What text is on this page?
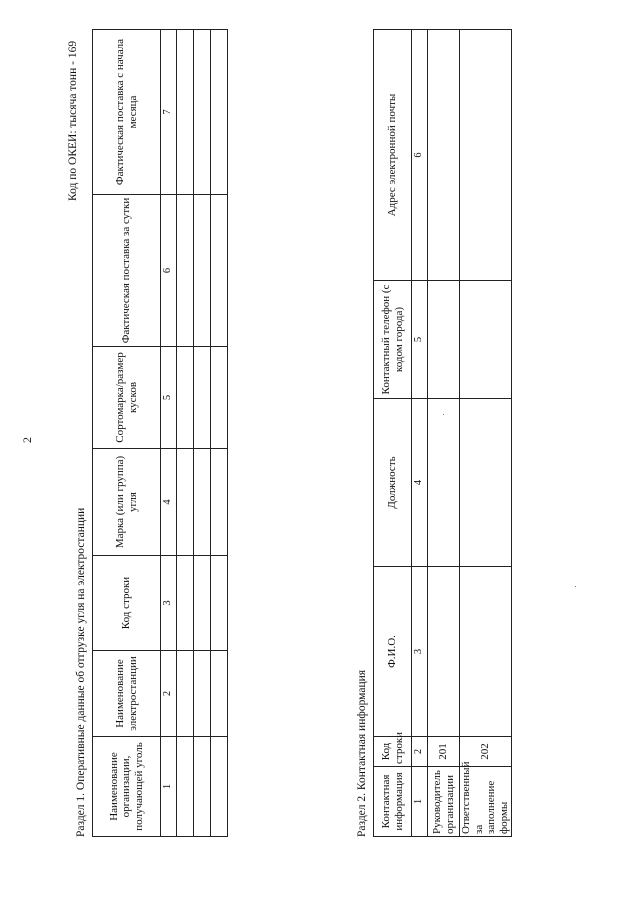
2
Код по ОКЕИ: тысяча тонн - 169
Раздел 1. Оперативные данные об отгрузке угля на электростанции Наименование организации, получающей уголь	Наименование электростанции	Код строки	Марка (или группа) угля	Сортомарка/размер кусков	Фактическая поставка за сутки	Фактическая поставка с начала месяца
1	2	3	4	5	6	7

Раздел 2. Контактная информация Контактная информация	Код строки	Ф.И.О.	Должность	Контактный телефон (с кодом города)	Адрес электронной почты
1	2	3	4	5	6
Руководитель организации	201				
Ответственный за заполнение формы	202				
